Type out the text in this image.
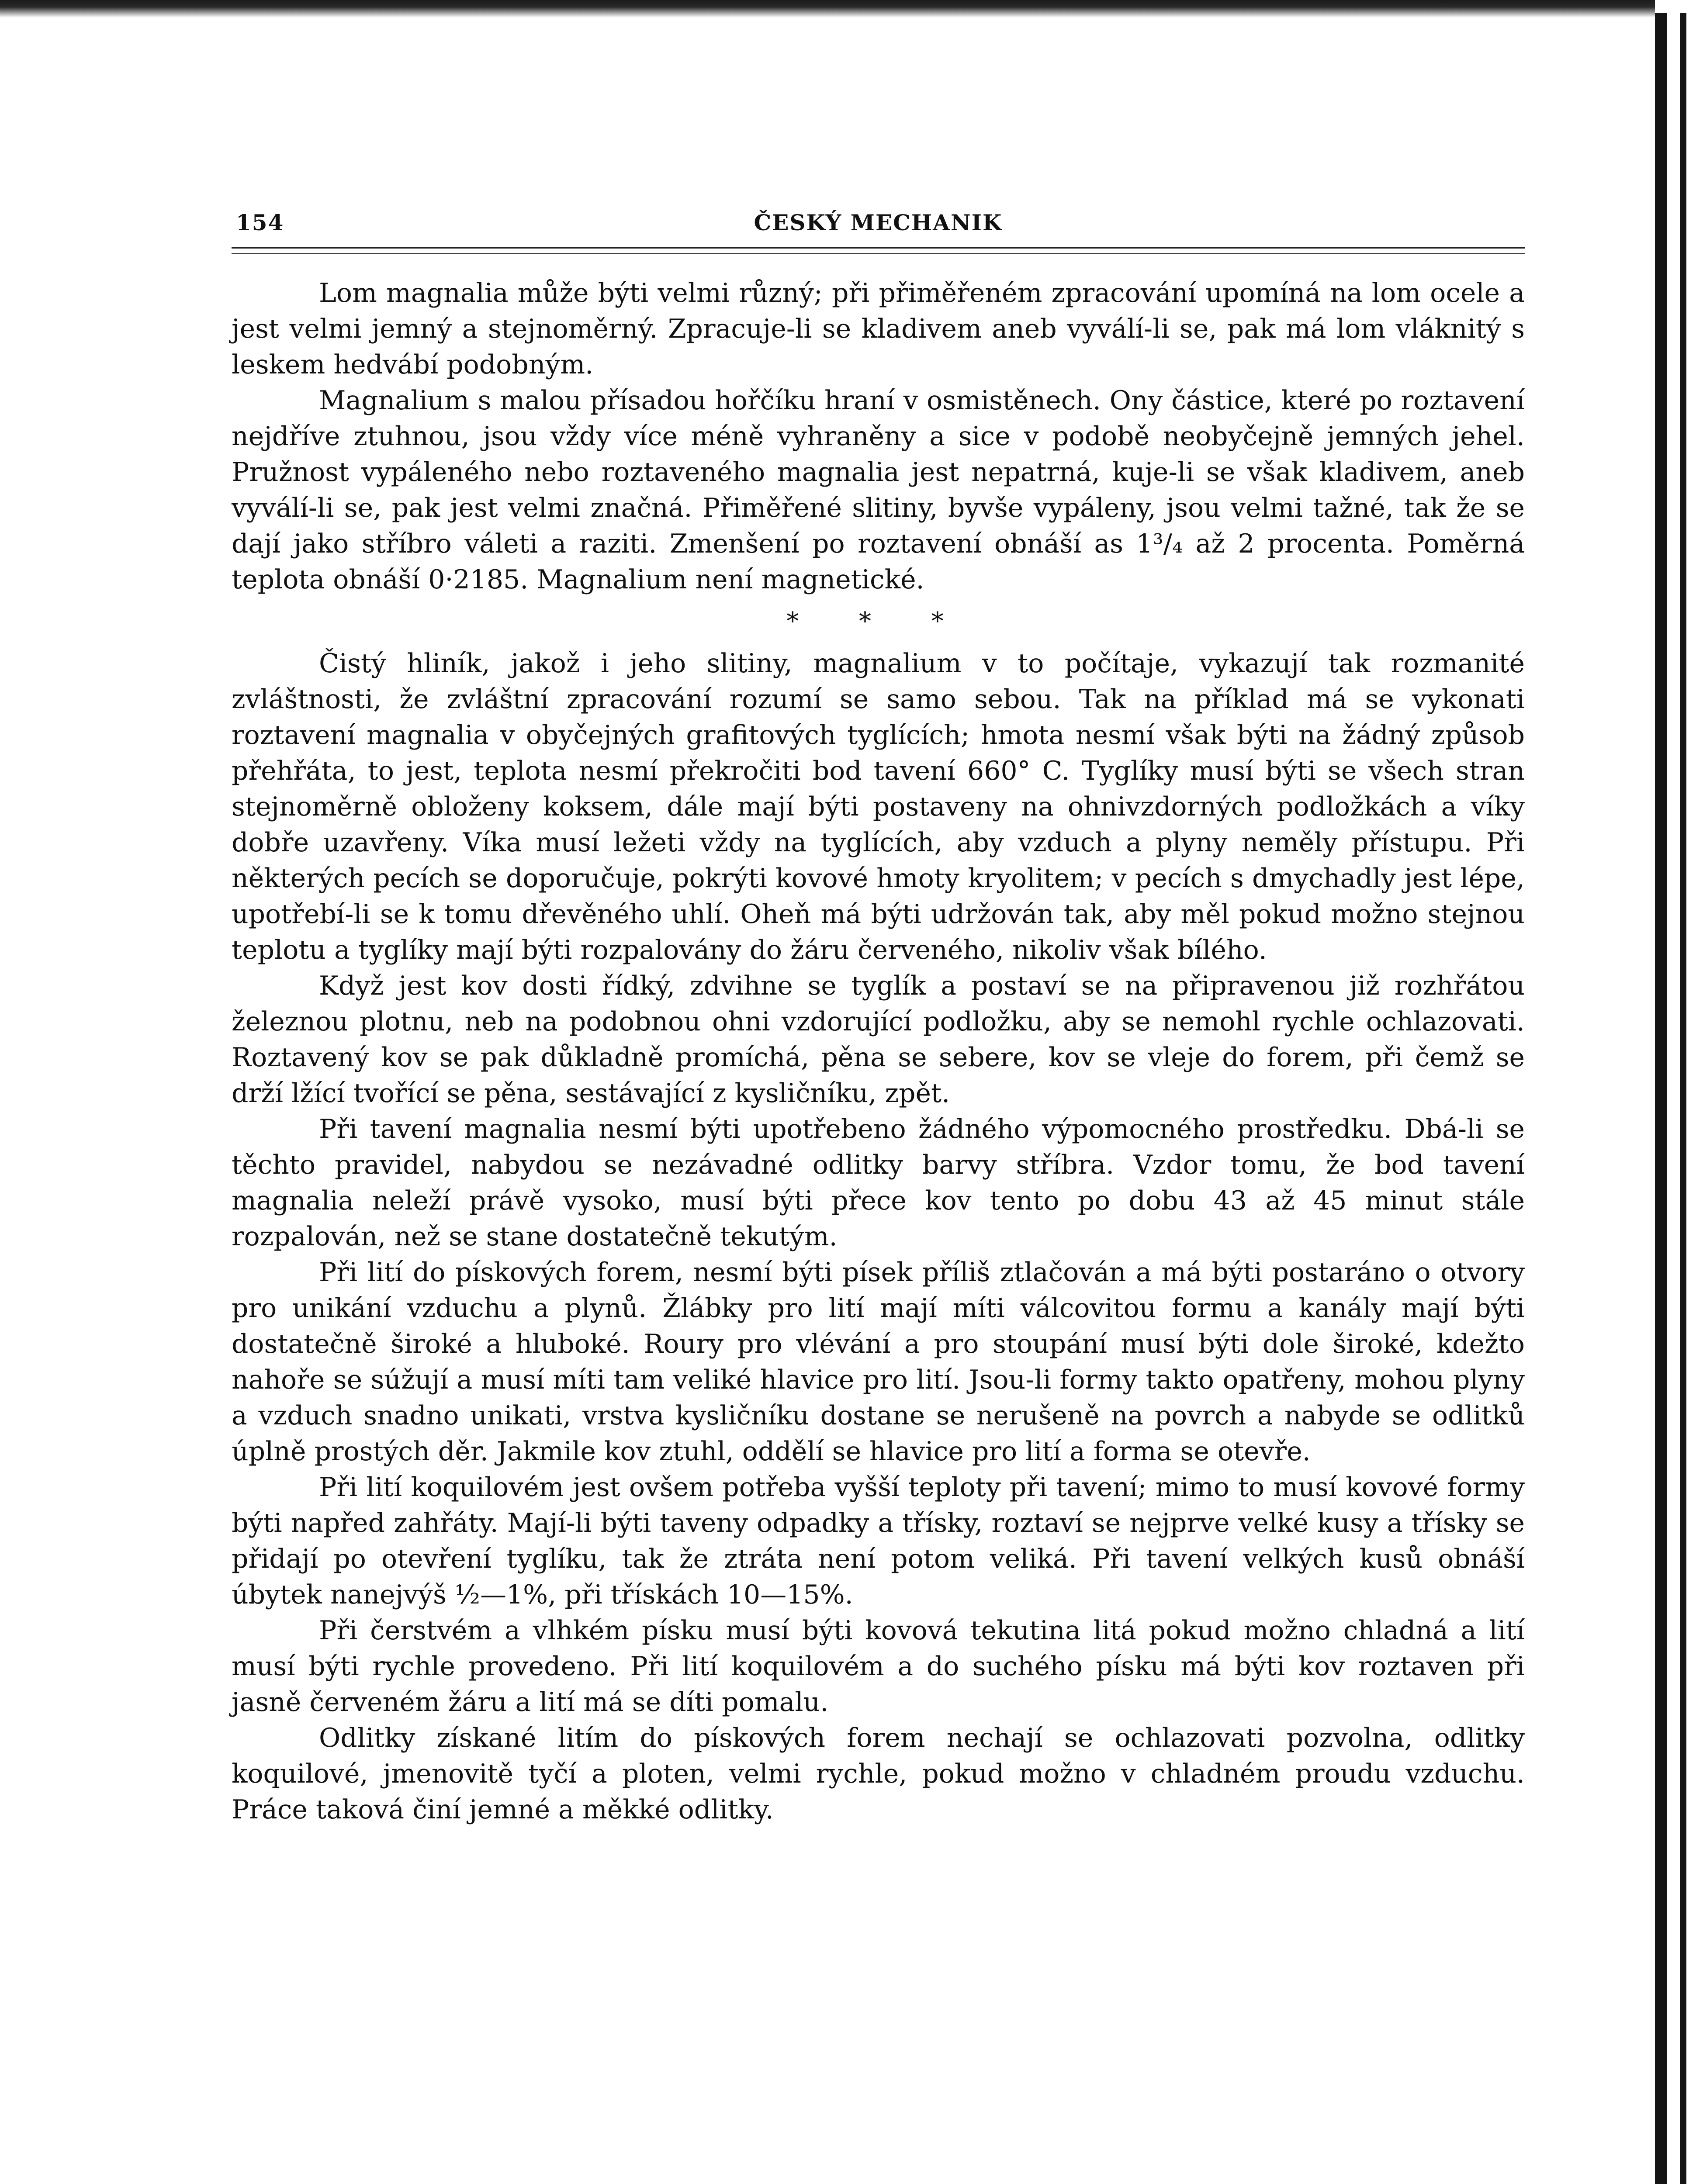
154	ČESKÝ MECHANIK

Lom magnalia může býti velmi různý; při přiměřeném zpracování upomíná na lom ocele a jest velmi jemný a stejnoměrný. Zpracuje-li se kladivem aneb vyválí-li se, pak má lom vláknitý s leskem hedvábí podobným.

Magnalium s malou přísadou hořčíku hraní v osmistěnech. Ony částice, které po roztavení nejdříve ztuhnou, jsou vždy více méně vyhraněny a sice v podobě neobyčejně jemných jehel. Pružnost vypáleného nebo roztaveného magnalia jest nepatrná, kuje-li se však kladivem, aneb vyválí-li se, pak jest velmi značná. Přiměřené slitiny, byvše vypáleny, jsou velmi tažné, tak že se dají jako stříbro váleti a raziti. Zmenšení po roztavení obnáší as 1³/₄ až 2 procenta. Poměrná teplota obnáší 0·2185. Magnalium není magnetické.

* * *

Čistý hliník, jakož i jeho slitiny, magnalium v to počítaje, vykazují tak rozmanité zvláštnosti, že zvláštní zpracování rozumí se samo sebou. Tak na příklad má se vykonati roztavení magnalia v obyčejných grafitových tyglících; hmota nesmí však býti na žádný způsob přehřáta, to jest, teplota nesmí překročiti bod tavení 660° C. Tyglíky musí býti se všech stran stejnoměrně obloženy koksem, dále mají býti postaveny na ohnivzdorných podložkách a víky dobře uzavřeny. Víka musí ležeti vždy na tyglících, aby vzduch a plyny neměly přístupu. Při některých pecích se doporučuje, pokrýti kovové hmoty kryolitem; v pecích s dmychadly jest lépe, upotřebí-li se k tomu dřevěného uhlí. Oheň má býti udržován tak, aby měl pokud možno stejnou teplotu a tyglíky mají býti rozpalovány do žáru červeného, nikoliv však bílého.

Když jest kov dosti řídký, zdvihne se tyglík a postaví se na připravenou již rozhřátou železnou plotnu, neb na podobnou ohni vzdorující podložku, aby se nemohl rychle ochlazovati. Roztavený kov se pak důkladně promíchá, pěna se sebere, kov se vleje do forem, při čemž se drží lžící tvořící se pěna, sestávající z kysličníku, zpět.

Při tavení magnalia nesmí býti upotřebeno žádného výpomocného prostředku. Dbá-li se těchto pravidel, nabydou se nezávadné odlitky barvy stříbra. Vzdor tomu, že bod tavení magnalia neleží právě vysoko, musí býti přece kov tento po dobu 43 až 45 minut stále rozpalován, než se stane dostatečně tekutým.

Při lití do pískových forem, nesmí býti písek příliš ztlačován a má býti postaráno o otvory pro unikání vzduchu a plynů. Žlábky pro lití mají míti válcovitou formu a kanály mají býti dostatečně široké a hluboké. Roury pro vlévání a pro stoupání musí býti dole široké, kdežto nahoře se súžují a musí míti tam veliké hlavice pro lití. Jsou-li formy takto opatřeny, mohou plyny a vzduch snadno unikati, vrstva kysličníku dostane se nerušeně na povrch a nabyde se odlitků úplně prostých děr. Jakmile kov ztuhl, oddělí se hlavice pro lití a forma se otevře.

Při lití koquilovém jest ovšem potřeba vyšší teploty při tavení; mimo to musí kovové formy býti napřed zahřáty. Mají-li býti taveny odpadky a třísky, roztaví se nejprve velké kusy a třísky se přidají po otevření tyglíku, tak že ztráta není potom veliká. Při tavení velkých kusů obnáší úbytek nanejvýš ½—1%, při třískách 10—15%.

Při čerstvém a vlhkém písku musí býti kovová tekutina litá pokud možno chladná a lití musí býti rychle provedeno. Při lití koquilovém a do suchého písku má býti kov roztaven při jasně červeném žáru a lití má se díti pomalu.

Odlitky získané litím do pískových forem nechají se ochlazovati pozvolna, odlitky koquilové, jmenovitě tyčí a ploten, velmi rychle, pokud možno v chladném proudu vzduchu. Práce taková činí jemné a měkké odlitky.
